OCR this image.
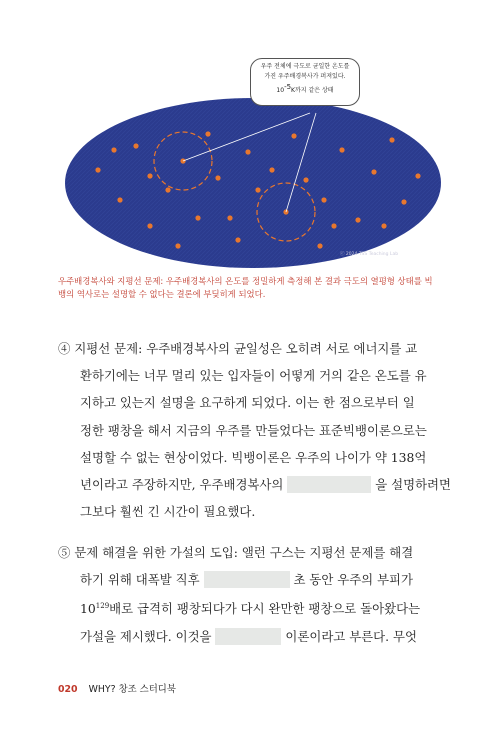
우주 전체에 극도로 균일한 온도를
가진 우주배경복사가 퍼져있다.
$10^{-5}K$까지 같은 상태
ⓒ 2024 TSS Teaching Lab
우주배경복사와 지평선 문제: 우주배경복사의 온도를 정밀하게 측정해 본 결과 극도의 열평형 상태를 빅
뱅의 역사로는 설명할 수 없다는 결론에 부딪히게 되었다.
④ 지평선 문제: 우주배경복사의 균일성은 오히려 서로 에너지를 교
환하기에는 너무 멀리 있는 입자들이 어떻게 거의 같은 온도를 유
지하고 있는지 설명을 요구하게 되었다. 이는 한 점으로부터 일
정한 팽창을 해서 지금의 우주를 만들었다는 표준빅뱅이론으로는
설명할 수 없는 현상이었다. 빅뱅이론은 우주의 나이가 약 138억
년이라고 주장하지만, 우주배경복사의	을 설명하려면
그보다 훨씬 긴 시간이 필요했다.
⑤ 문제 해결을 위한 가설의 도입: 앨런 구스는 지평선 문제를 해결
하기 위해 대폭발 직후	초 동안 우주의 부피가
$10^{129}$배로 급격히 팽창되다가 다시 완만한 팽창으로 돌아왔다는
가설을 제시했다. 이것을	이론이라고 부른다. 무엇
020 WHY? 창조 스터디북
